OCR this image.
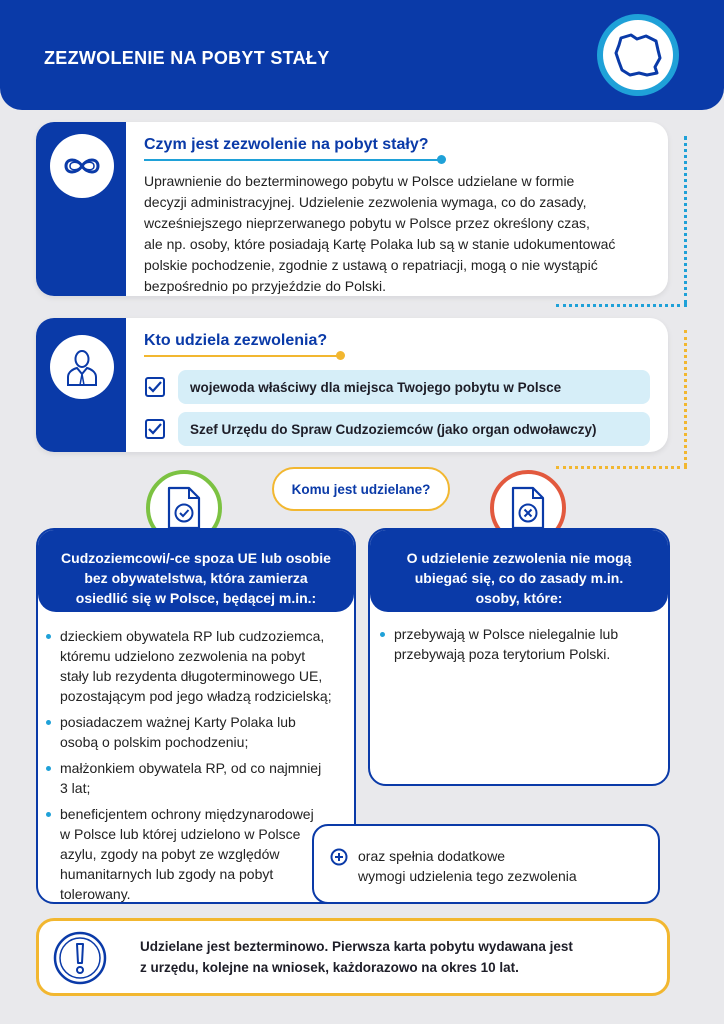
ZEZWOLENIE NA POBYT STAŁY
Czym jest zezwolenie na pobyt stały?
Uprawnienie do bezterminowego pobytu w Polsce udzielane w formie
decyzji administracyjnej. Udzielenie zezwolenia wymaga, co do zasady,
wcześniejszego nieprzerwanego pobytu w Polsce przez określony czas,
ale np. osoby, które posiadają Kartę Polaka lub są w stanie udokumentować
polskie pochodzenie, zgodnie z ustawą o repatriacji, mogą o nie wystąpić
bezpośrednio po przyjeździe do Polski.
Kto udziela zezwolenia?
wojewoda właściwy dla miejsca Twojego pobytu w Polsce
Szef Urzędu do Spraw Cudzoziemców (jako organ odwoławczy)
Komu jest udzielane?
Cudzoziemcowi/-ce spoza UE lub osobie
bez obywatelstwa, która zamierza
osiedlić się w Polsce, będącej m.in.:
dzieckiem obywatela RP lub cudzoziemca,
któremu udzielono zezwolenia na pobyt
stały lub rezydenta długoterminowego UE,
pozostającym pod jego władzą rodzicielską;
posiadaczem ważnej Karty Polaka lub
osobą o polskim pochodzeniu;
małżonkiem obywatela RP, od co najmniej
3 lat;
beneficjentem ochrony międzynarodowej
w Polsce lub której udzielono w Polsce
azylu, zgody na pobyt ze względów
humanitarnych lub zgody na pobyt
tolerowany.
O udzielenie zezwolenia nie mogą
ubiegać się, co do zasady m.in.
osoby, które:
przebywają w Polsce nielegalnie lub
przebywają poza terytorium Polski.
oraz spełnia dodatkowe
wymogi udzielenia tego zezwolenia
Udzielane jest bezterminowo. Pierwsza karta pobytu wydawana jest
z urzędu, kolejne na wniosek, każdorazowo na okres 10 lat.
